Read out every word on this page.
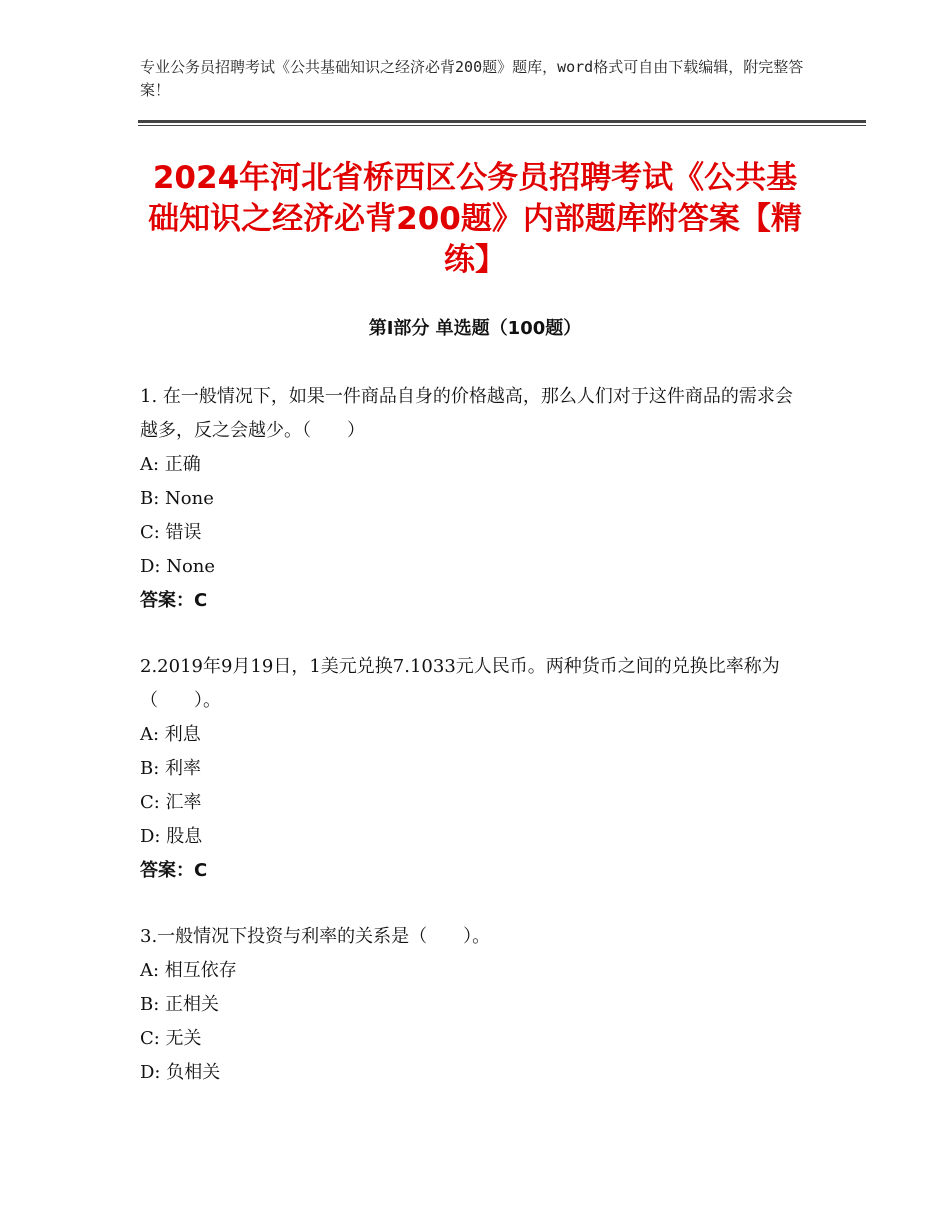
专业公务员招聘考试《公共基础知识之经济必背200题》题库，word格式可自由下载编辑，附完整答案！
2024年河北省桥西区公务员招聘考试《公共基础知识之经济必背200题》内部题库附答案【精练】
第I部分 单选题（100题）

1. 在一般情况下，如果一件商品自身的价格越高，那么人们对于这件商品的需求会越多，反之会越少。（　　）

A: 正确

B: None

C: 错误

D: None

答案：C

2.2019年9月19日，1美元兑换7.1033元人民币。两种货币之间的兑换比率称为（　　）。

A: 利息

B: 利率

C: 汇率

D: 股息

答案：C

3.一般情况下投资与利率的关系是（　　）。

A: 相互依存

B: 正相关

C: 无关

D: 负相关
